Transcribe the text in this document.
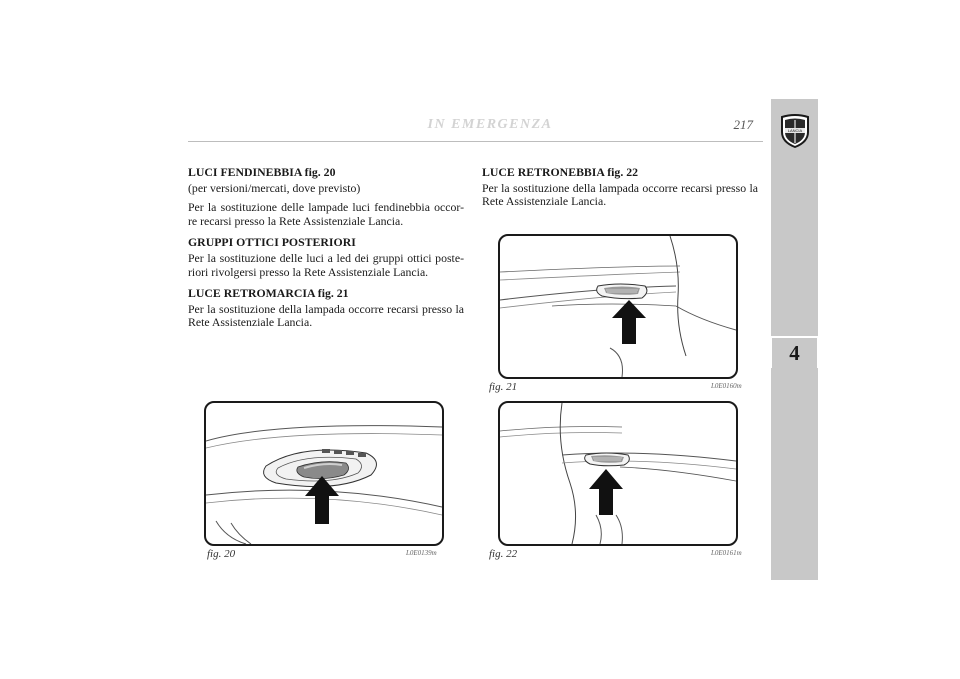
IN EMERGENZA	217
4
LANCIA
LUCI FENDINEBBIA fig. 20

(per versioni/mercati, dove previsto)

Per la sostituzione delle lampade luci fendinebbia occor-re recarsi presso la Rete Assistenziale Lancia.

GRUPPI OTTICI POSTERIORI

Per la sostituzione delle luci a led dei gruppi ottici poste-riori rivolgersi presso la Rete Assistenziale Lancia.

LUCE RETROMARCIA fig. 21

Per la sostituzione della lampada occorre recarsi presso la Rete Assistenziale Lancia.

LUCE RETRONEBBIA fig. 22

Per la sostituzione della lampada occorre recarsi presso la Rete Assistenziale Lancia.

fig. 20	L0E0139m
fig. 21	L0E0160m
fig. 22	L0E0161m
